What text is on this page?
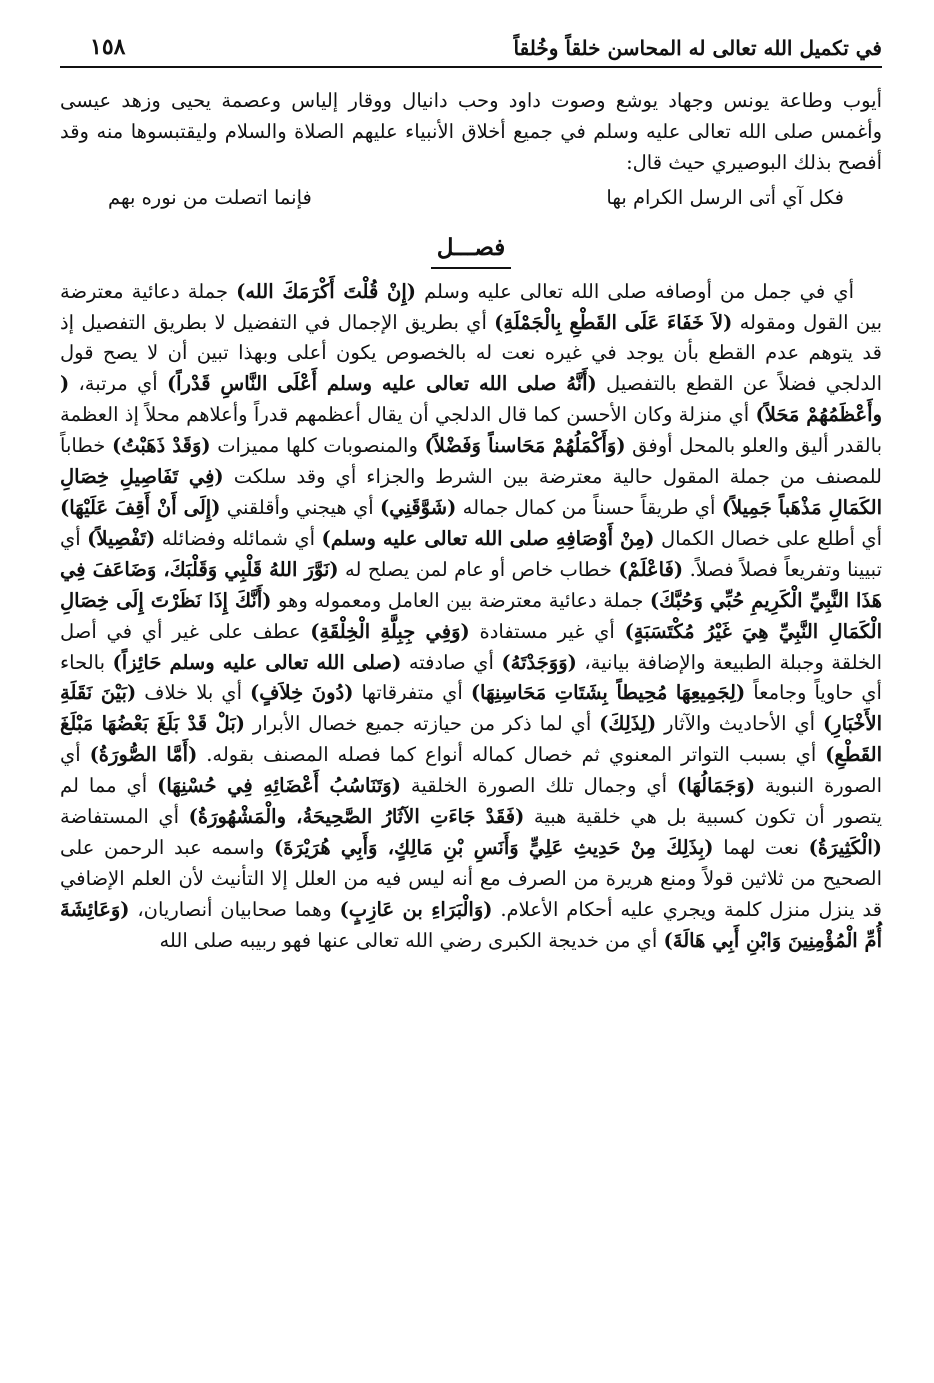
في تكميل الله تعالى له المحاسن خلقاً وخُلقاً
١٥٨

أيوب وطاعة يونس وجهاد يوشع وصوت داود وحب دانيال ووقار إلياس وعصمة يحيى وزهد عيسى وأغمس صلى الله تعالى عليه وسلم في جميع أخلاق الأنبياء عليهم الصلاة والسلام وليقتبسوها منه وقد أفصح بذلك البوصيري حيث قال:

فكل آي أتى الرسل الكرام بها
فإنما اتصلت من نوره بهم
فصـــل

أي في جمل من أوصافه صلى الله تعالى عليه وسلم (إِنْ قُلْتَ أَكْرَمَكَ الله) جملة دعائية معترضة بين القول ومقوله (لاَ خَفَاءَ عَلَى القَطْعِ بِالْجَمْلَةِ) أي بطريق الإجمال في التفضيل لا بطريق التفصيل إذ قد يتوهم عدم القطع بأن يوجد في غيره نعت له بالخصوص يكون أعلى وبهذا تبين أن لا يصح قول الدلجي فضلاً عن القطع بالتفصيل (أَنَّهُ صلى الله تعالى عليه وسلم أَعْلَى النَّاسِ قَدْراً) أي مرتبة، ( وأَعْظَمُهُمْ مَحَلاً) أي منزلة وكان الأحسن كما قال الدلجي أن يقال أعظمهم قدراً وأعلاهم محلاً إذ العظمة بالقدر أليق والعلو بالمحل أوفق (وَأَكْمَلُهُمْ مَحَاسناً وَفَضْلاً) والمنصوبات كلها مميزات (وَقَدْ ذَهَبْتُ) خطاباً للمصنف من جملة المقول حالية معترضة بين الشرط والجزاء أي وقد سلكت (فِي تَفَاصِيلِ خِصَالِ الكَمَالِ مَذْهَباً جَمِيلاً) أي طريقاً حسناً من كمال جماله (شَوَّقَنِي) أي هيجني وأقلقني (إِلَى أَنْ أَقِفَ عَلَيْهَا) أي أطلع على خصال الكمال (مِنْ أَوْصَافِهِ صلى الله تعالى عليه وسلم) أي شمائله وفضائله (تَفْصِيلاً) أي تبيينا وتفريعاً فصلاً فصلاً. (فَاعْلَمْ) خطاب خاص أو عام لمن يصلح له (نَوَّرَ اللهُ قَلْبِي وَقَلْبَكَ، وَضَاعَفَ فِي هَذَا النَّبِيِّ الْكَرِيمِ حُبِّي وَحُبَّكَ) جملة دعائية معترضة بين العامل ومعموله وهو (أَنَّكَ إِذَا نَظَرْتَ إِلَى خِصَالِ الْكَمَالِ النَّبِيِّ هِيَ غَيْرُ مُكْتَسَبَةٍ) أي غير مستفادة (وَفِي جِبِلَّةِ الْخِلْقَةِ) عطف على غير أي في أصل الخلقة وجبلة الطبيعة والإضافة بيانية، (وَوَجَدْتَهُ) أي صادفته (صلى الله تعالى عليه وسلم حَائِزاً) بالحاء أي حاوياً وجامعاً (لِجَمِيعِهَا مُحِيطاً بِشَتَاتِ مَحَاسِنِهَا) أي متفرقاتها (دُونَ خِلاَفٍ) أي بلا خلاف (بَيْنَ نَقَلَةِ الأَخْبَارِ) أي الأحاديث والآثار (لِذَلِكَ) أي لما ذكر من حيازته جميع خصال الأبرار (بَلْ قَدْ بَلَغَ بَعْضُهَا مَبْلَغَ القَطْعِ) أي بسبب التواتر المعنوي ثم خصال كماله أنواع كما فصله المصنف بقوله. (أَمَّا الصُّورَةُ) أي الصورة النبوية (وَجَمَالُهَا) أي وجمال تلك الصورة الخلقية (وَتَنَاسُبُ أَعْضَائِهِ فِي حُسْنِهَا) أي مما لم يتصور أن تكون كسبية بل هي خلقية هبية (فَقَدْ جَاءَتِ الآثَارُ الصَّحِيحَةُ، والْمَشْهُورَةُ) أي المستفاضة (الْكَثِيرَةُ) نعت لهما (بِذَلِكَ مِنْ حَدِيثِ عَلِيٍّ وَأَنَسِ بْنِ مَالِكٍ، وَأَبِي هُرَيْرَةَ) واسمه عبد الرحمن على الصحيح من ثلاثين قولاً ومنع هريرة من الصرف مع أنه ليس فيه من العلل إلا التأنيث لأن العلم الإضافي قد ينزل منزل كلمة ويجري عليه أحكام الأعلام. (وَالْبَرَاءِ بن عَازِبٍ) وهما صحابيان أنصاريان، (وَعَائِشَةَ أُمِّ الْمُؤْمِنِينَ وَابْنِ أَبِي هَالَةَ) أي من خديجة الكبرى رضي الله تعالى عنها فهو ربيبه صلى الله
